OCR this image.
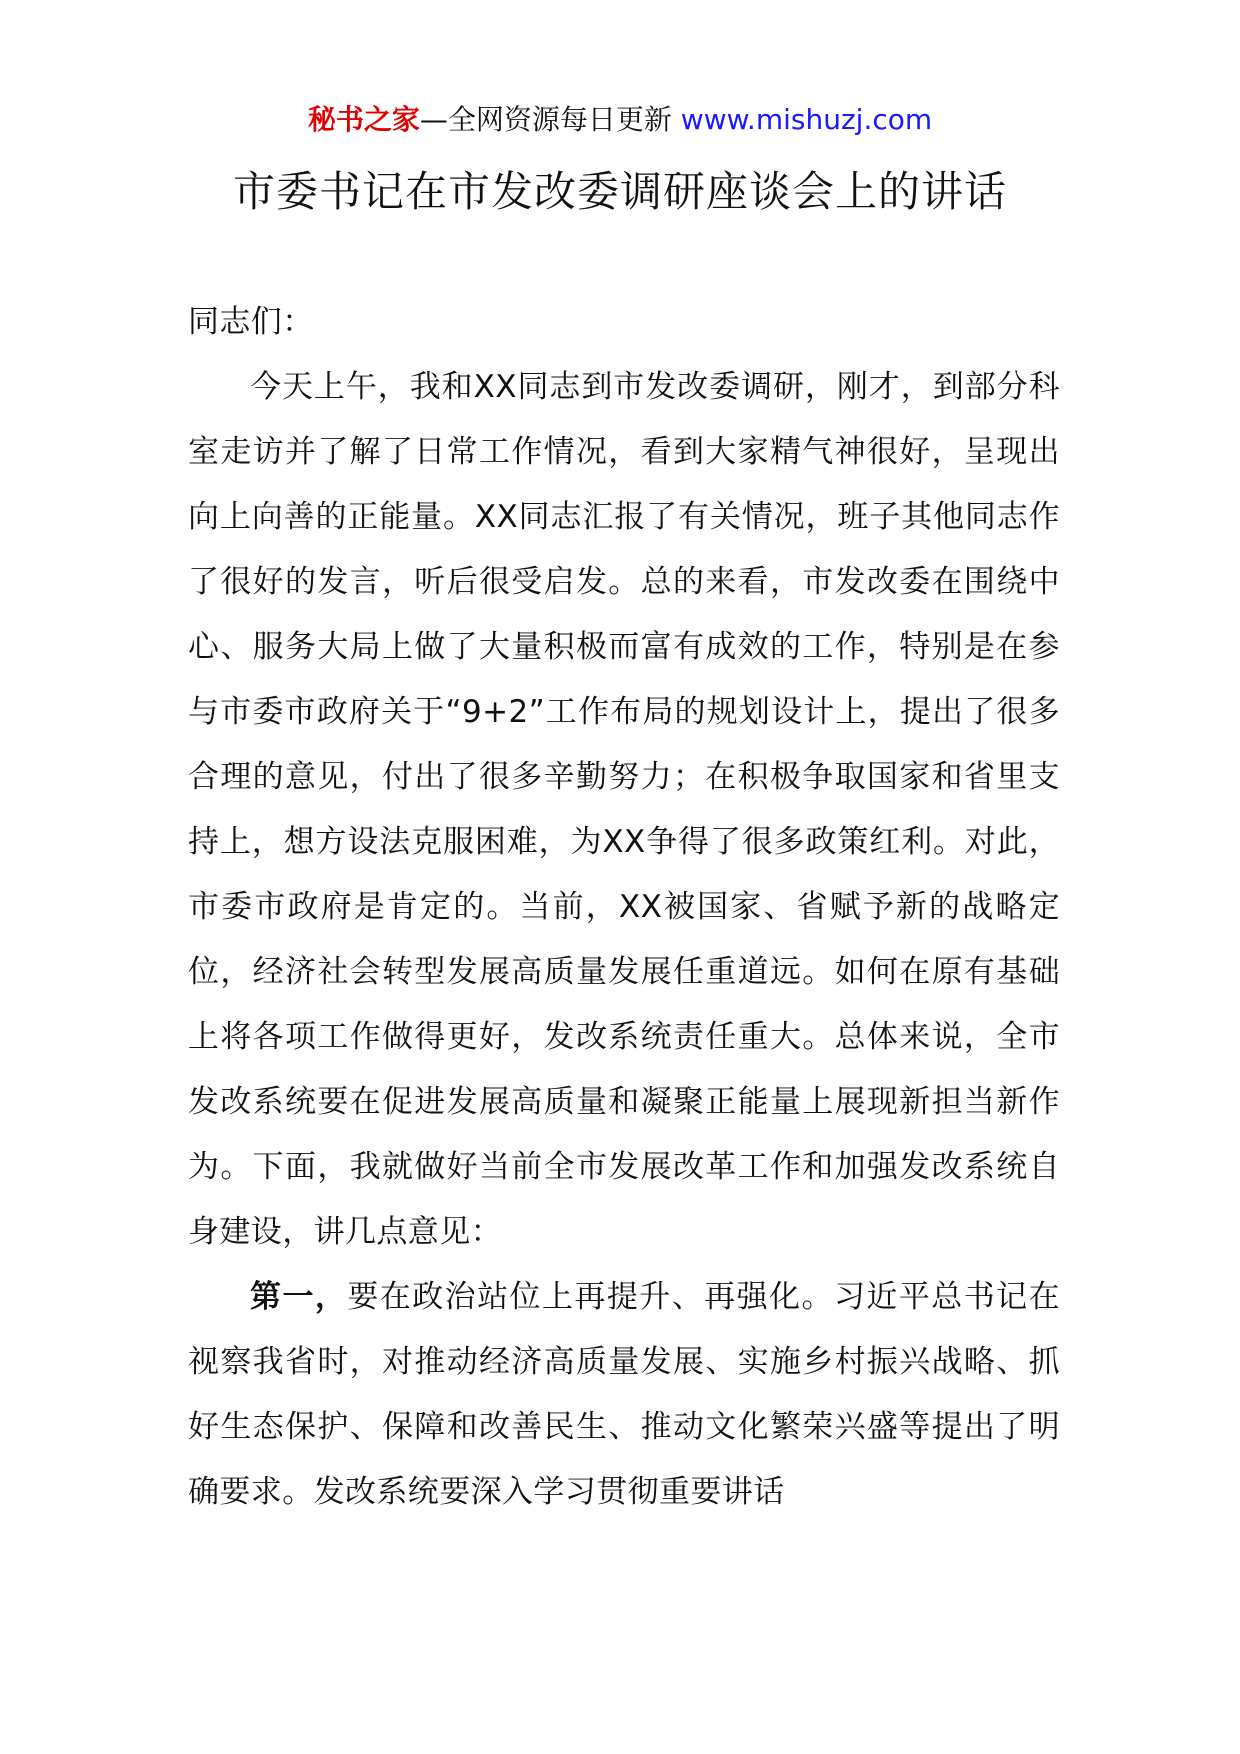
秘书之家—全网资源每日更新 www.mishuzj.com
市委书记在市发改委调研座谈会上的讲话

同志们：

今天上午，我和XX同志到市发改委调研，刚才，到部分科室走访并了解了日常工作情况，看到大家精气神很好，呈现出向上向善的正能量。XX同志汇报了有关情况，班子其他同志作了很好的发言，听后很受启发。总的来看，市发改委在围绕中心、服务大局上做了大量积极而富有成效的工作，特别是在参与市委市政府关于“9+2”工作布局的规划设计上，提出了很多合理的意见，付出了很多辛勤努力；在积极争取国家和省里支持上，想方设法克服困难，为XX争得了很多政策红利。对此，市委市政府是肯定的。当前，XX被国家、省赋予新的战略定位，经济社会转型发展高质量发展任重道远。如何在原有基础上将各项工作做得更好，发改系统责任重大。总体来说，全市发改系统要在促进发展高质量和凝聚正能量上展现新担当新作为。下面，我就做好当前全市发展改革工作和加强发改系统自身建设，讲几点意见：

第一，要在政治站位上再提升、再强化。习近平总书记在视察我省时，对推动经济高质量发展、实施乡村振兴战略、抓好生态保护、保障和改善民生、推动文化繁荣兴盛等提出了明确要求。发改系统要深入学习贯彻重要讲话
